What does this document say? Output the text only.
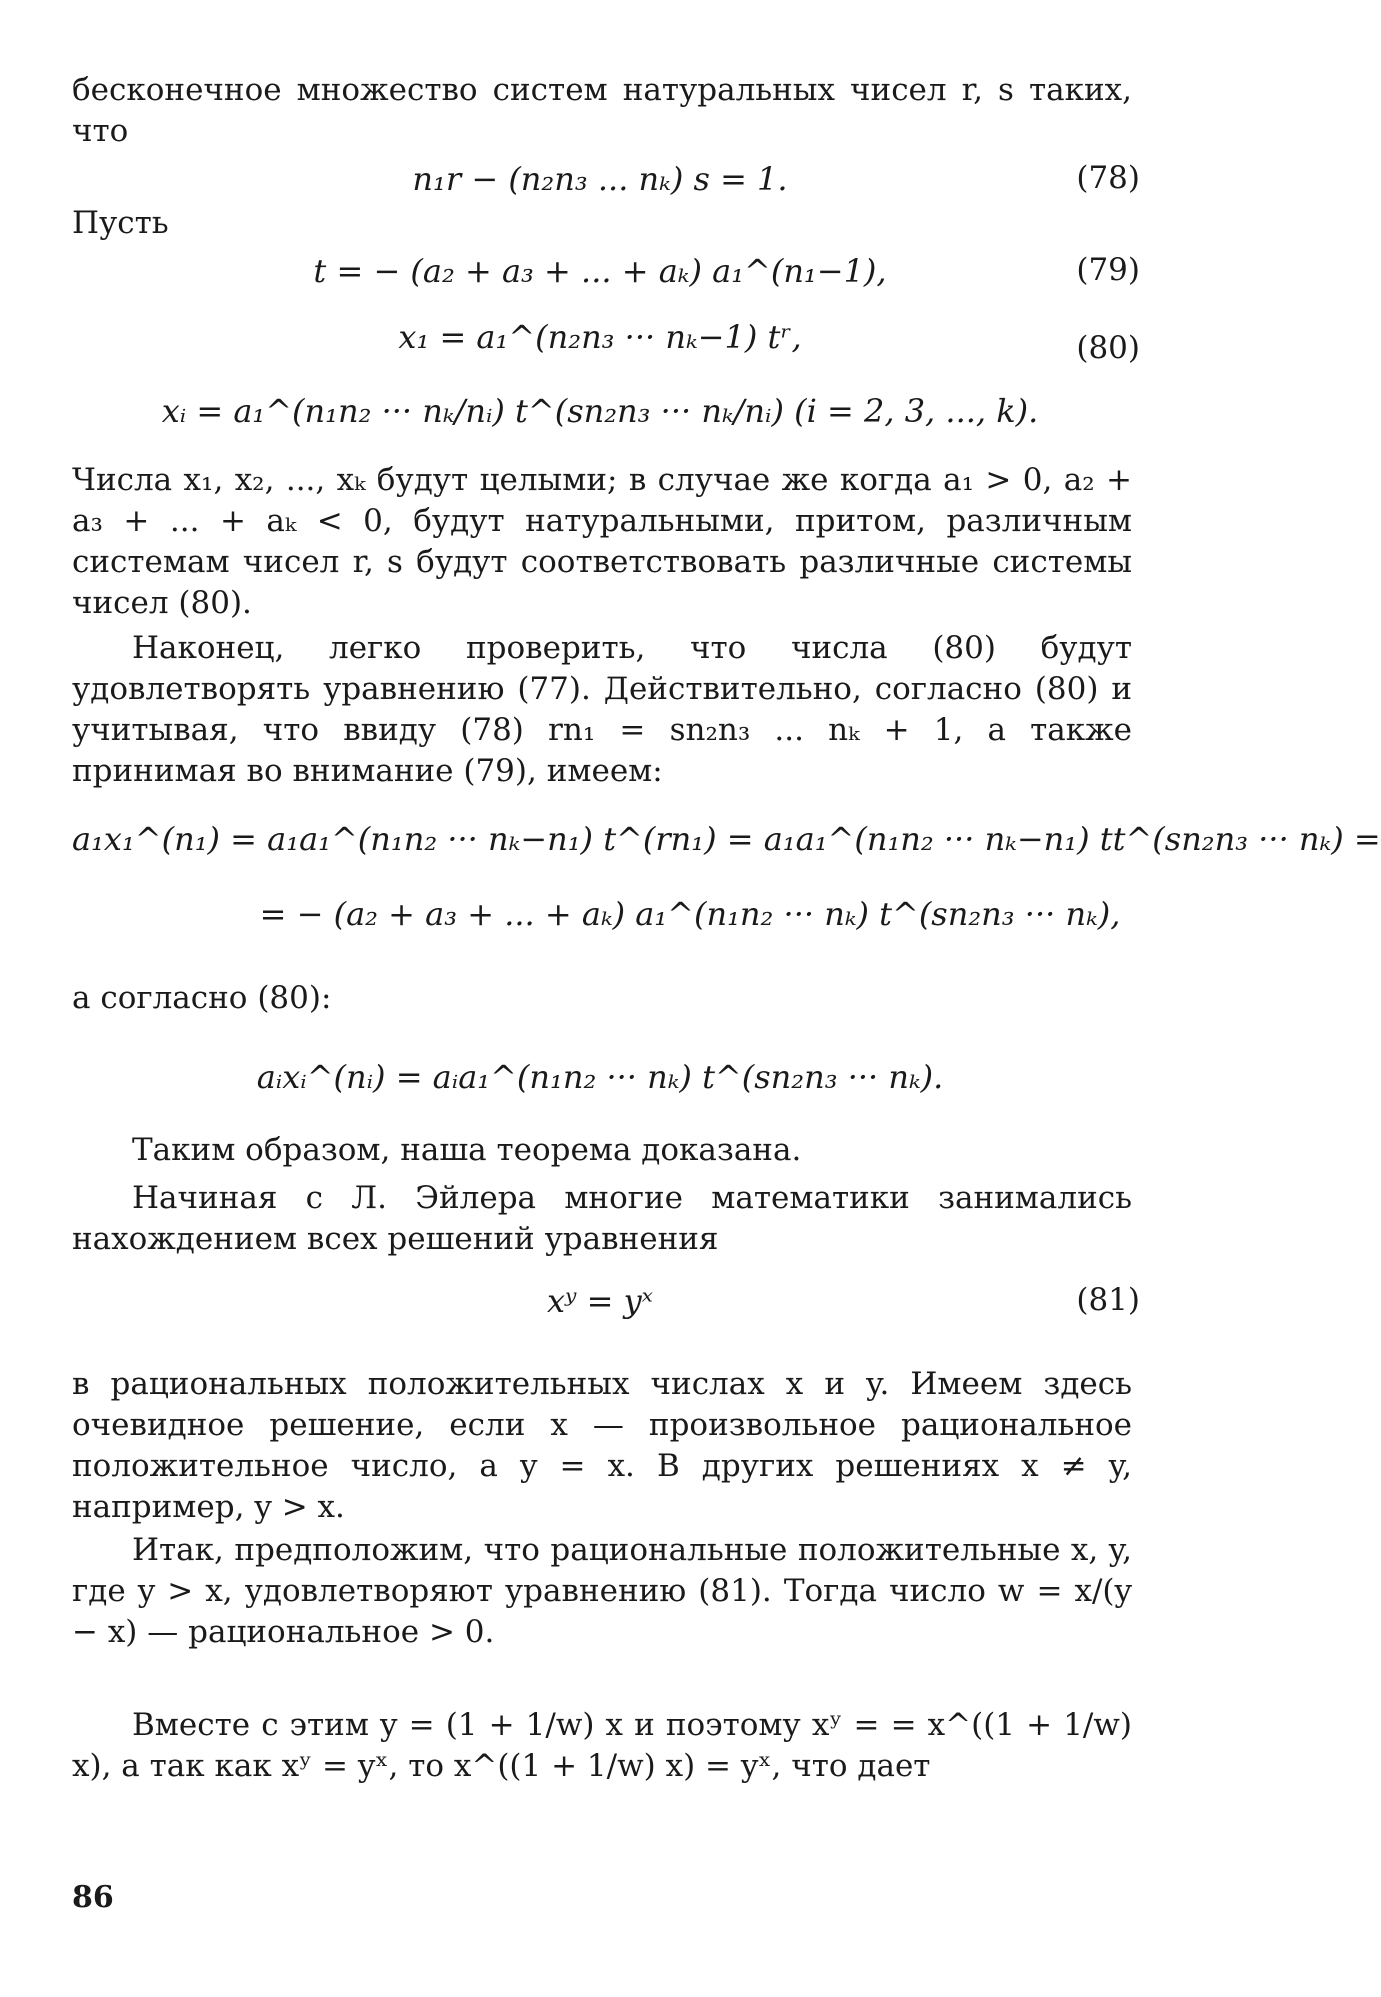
бесконечное множество систем натуральных чисел r, s таких, что

n₁r − (n₂n₃ ... nₖ) s = 1.	(78)
Пусть
t = − (a₂ + a₃ + ... + aₖ) a₁^(n₁−1),	(79)
x₁ = a₁^(n₂n₃ ··· nₖ−1) tʳ,	(80)
xᵢ = a₁^(n₁n₂ ··· nₖ/nᵢ) t^(sn₂n₃ ··· nₖ/nᵢ) (i = 2, 3, ..., k).

Числа x₁, x₂, ..., xₖ будут целыми; в случае же когда a₁ > 0, a₂ + a₃ + ... + aₖ < 0, будут натуральными, притом, различным системам чисел r, s будут соответствовать различные системы чисел (80).

Наконец, легко проверить, что числа (80) будут удовлетворять уравнению (77). Действительно, согласно (80) и учитывая, что ввиду (78) rn₁ = sn₂n₃ ... nₖ + 1, а также принимая во внимание (79), имеем:

a₁x₁^(n₁) = a₁a₁^(n₁n₂ ··· nₖ−n₁) t^(rn₁) = a₁a₁^(n₁n₂ ··· nₖ−n₁) tt^(sn₂n₃ ··· nₖ) =
= − (a₂ + a₃ + ... + aₖ) a₁^(n₁n₂ ··· nₖ) t^(sn₂n₃ ··· nₖ),
а согласно (80):
aᵢxᵢ^(nᵢ) = aᵢa₁^(n₁n₂ ··· nₖ) t^(sn₂n₃ ··· nₖ).

Таким образом, наша теорема доказана.

Начиная с Л. Эйлера многие математики занимались нахождением всех решений уравнения

xʸ = yˣ	(81)

в рациональных положительных числах x и y. Имеем здесь очевидное решение, если x — произвольное рациональное положительное число, а y = x. В других решениях x ≠ y, например, y > x.

Итак, предположим, что рациональные положительные x, y, где y > x, удовлетворяют уравнению (81). Тогда число w = x/(y − x) — рациональное > 0.

Вместе с этим y = (1 + 1/w) x и поэтому xʸ = = x^((1 + 1/w) x), а так как xʸ = yˣ, то x^((1 + 1/w) x) = yˣ, что дает

86
